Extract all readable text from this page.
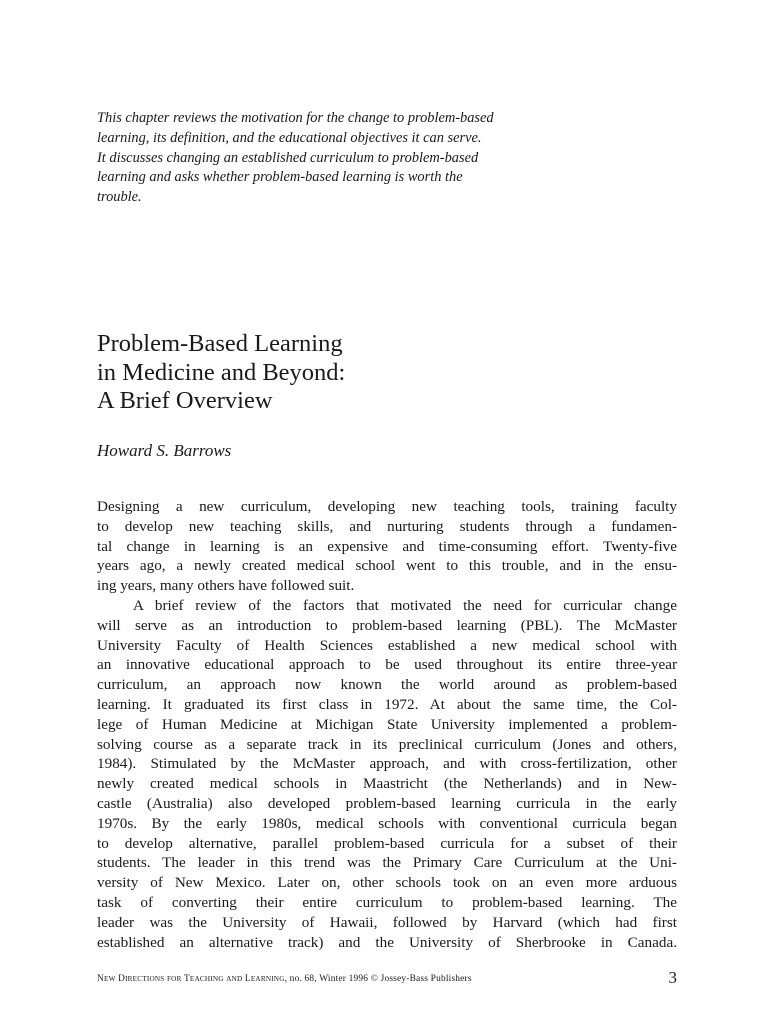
This chapter reviews the motivation for the change to problem-based
learning, its definition, and the educational objectives it can serve.
It discusses changing an established curriculum to problem-based
learning and asks whether problem-based learning is worth the
trouble.
Problem-Based Learning
in Medicine and Beyond:
A Brief Overview
Howard S. Barrows

Designing a new curriculum, developing new teaching tools, training faculty
to develop new teaching skills, and nurturing students through a fundamen-
tal change in learning is an expensive and time-consuming effort. Twenty-five
years ago, a newly created medical school went to this trouble, and in the ensu-
ing years, many others have followed suit.

A brief review of the factors that motivated the need for curricular change
will serve as an introduction to problem-based learning (PBL). The McMaster
University Faculty of Health Sciences established a new medical school with
an innovative educational approach to be used throughout its entire three-year
curriculum, an approach now known the world around as problem-based
learning. It graduated its first class in 1972. At about the same time, the Col-
lege of Human Medicine at Michigan State University implemented a problem-
solving course as a separate track in its preclinical curriculum (Jones and others,
1984). Stimulated by the McMaster approach, and with cross-fertilization, other
newly created medical schools in Maastricht (the Netherlands) and in New-
castle (Australia) also developed problem-based learning curricula in the early
1970s. By the early 1980s, medical schools with conventional curricula began
to develop alternative, parallel problem-based curricula for a subset of their
students. The leader in this trend was the Primary Care Curriculum at the Uni-
versity of New Mexico. Later on, other schools took on an even more arduous
task of converting their entire curriculum to problem-based learning. The
leader was the University of Hawaii, followed by Harvard (which had first
established an alternative track) and the University of Sherbrooke in Canada.

NEW DIRECTIONS FOR TEACHING AND LEARNING, no. 68, Winter 1996 © Jossey-Bass Publishers	3
